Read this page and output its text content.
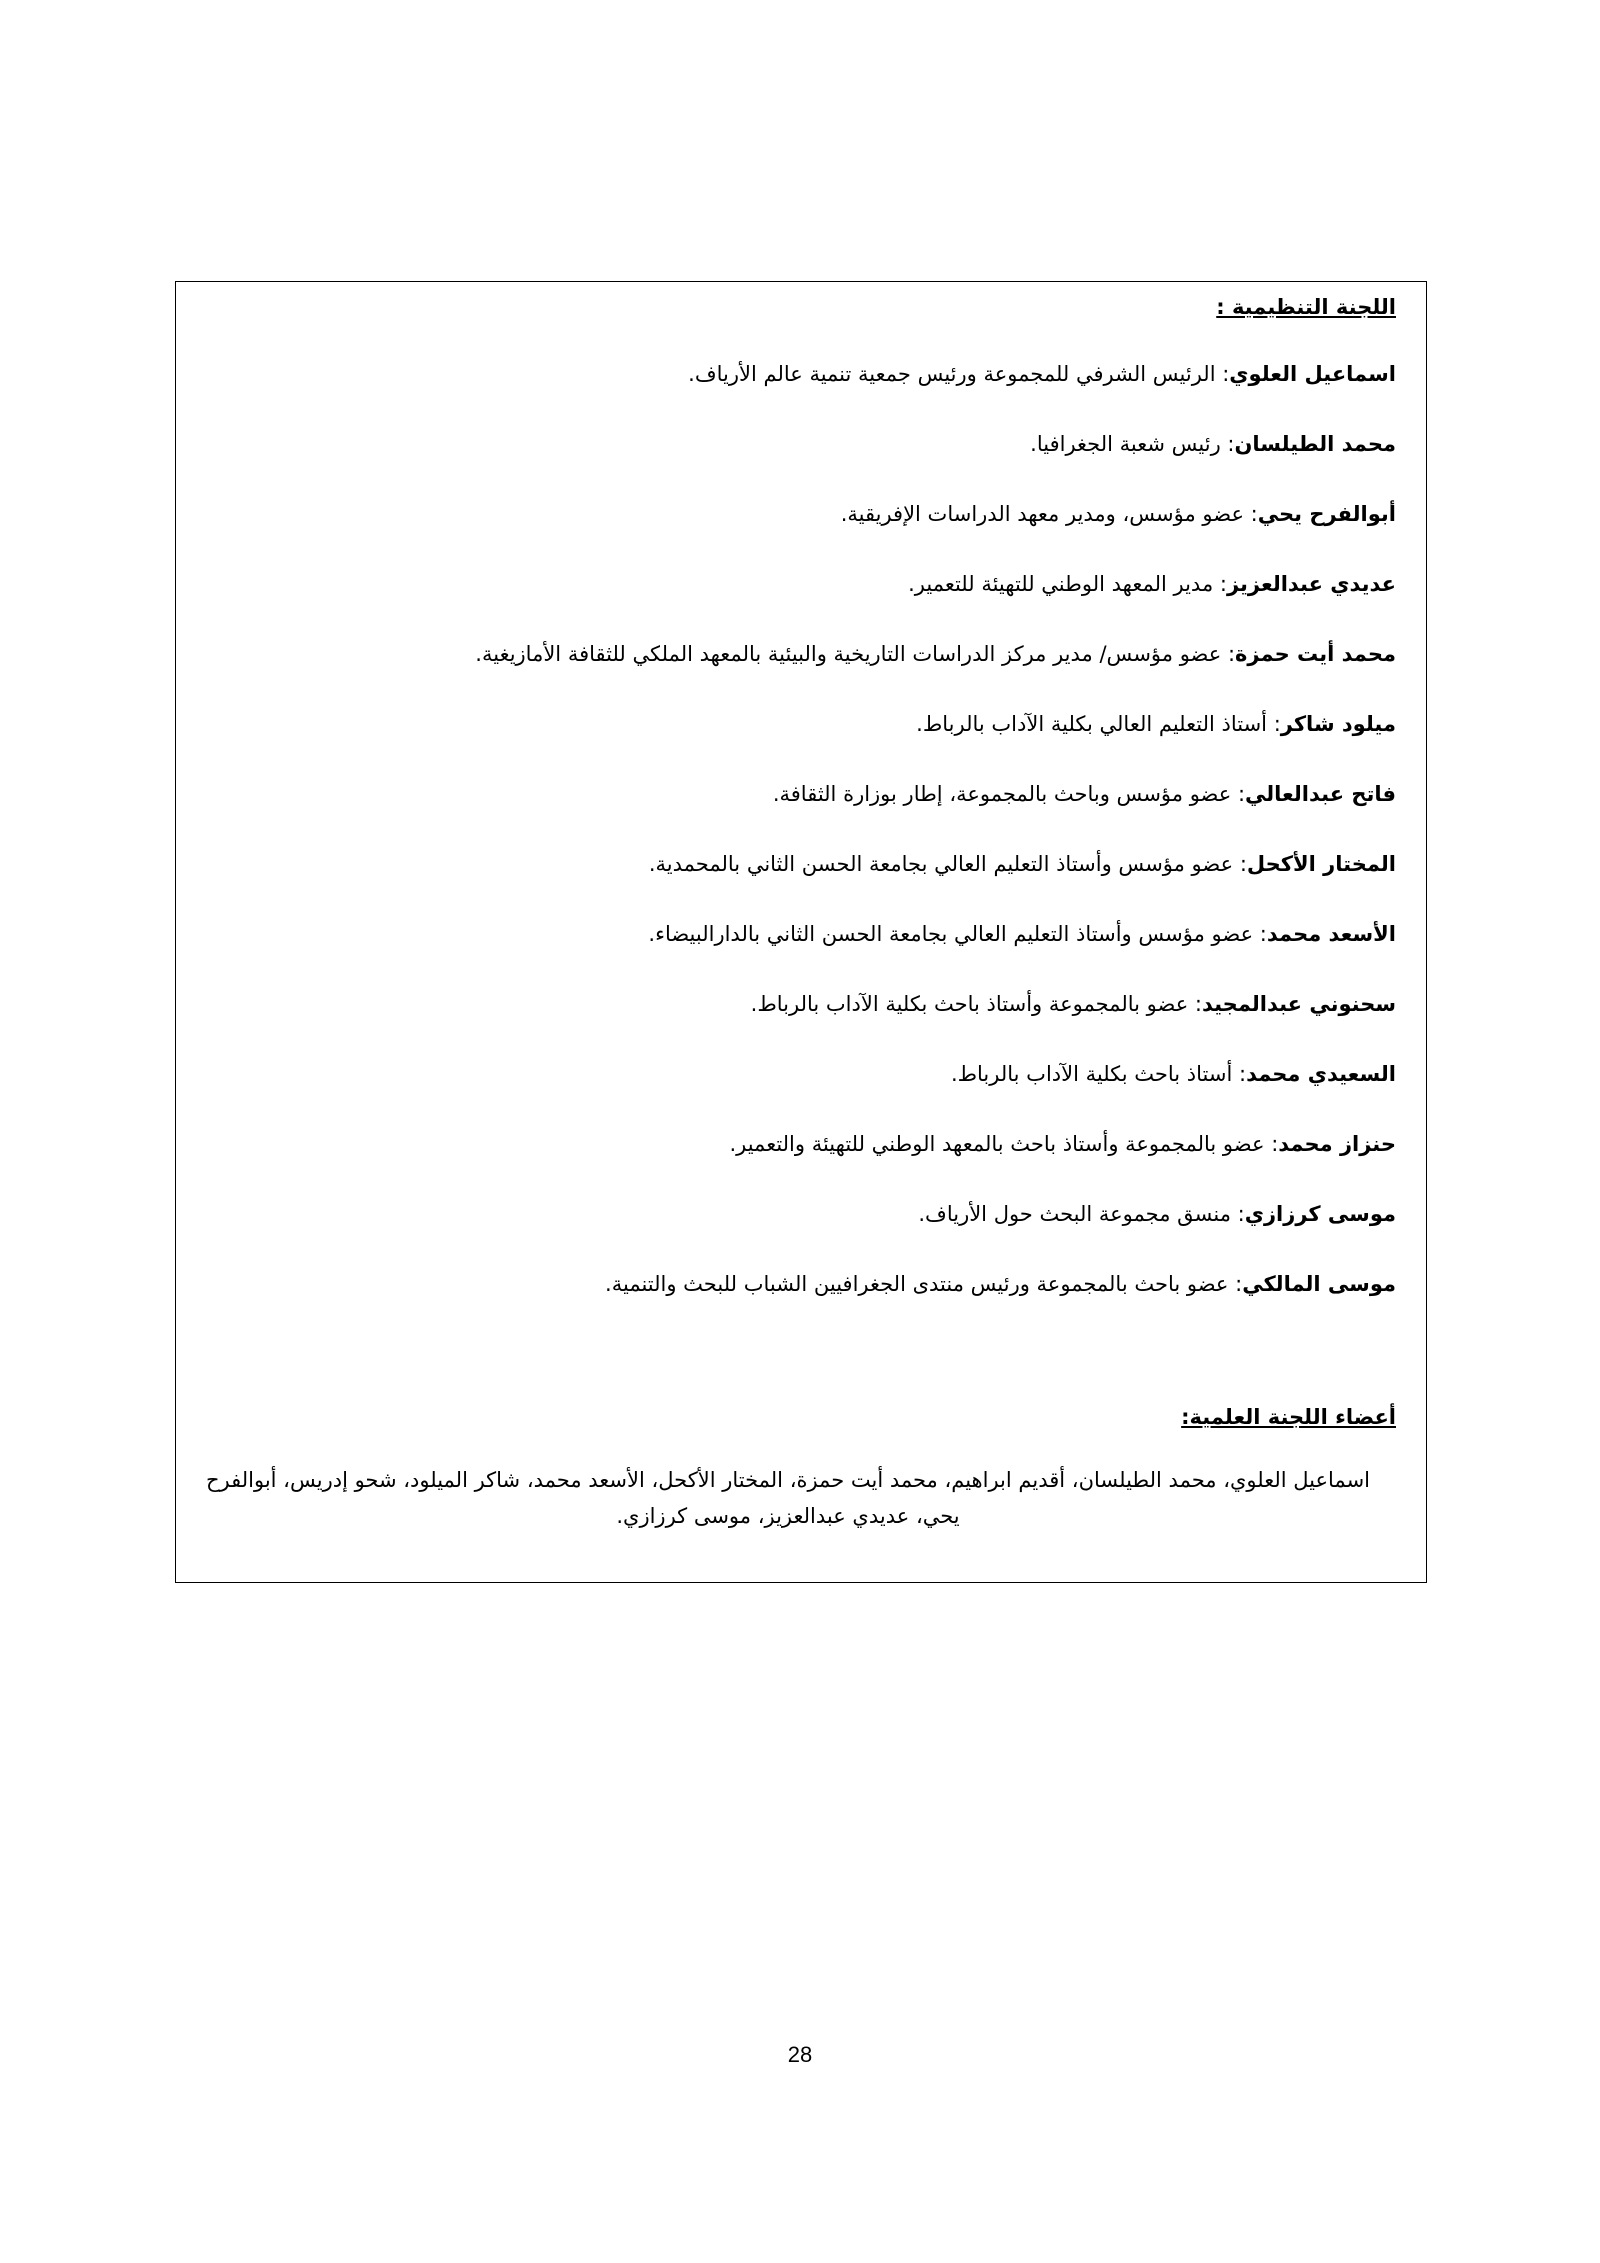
اللجنة التنظيمية :
اسماعيل العلوي: الرئيس الشرفي للمجموعة ورئيس جمعية تنمية عالم الأرياف.
محمد الطيلسان: رئيس شعبة الجغرافيا.
أبوالفرح يحي: عضو مؤسس، ومدير معهد الدراسات الإفريقية.
عديدي عبدالعزيز: مدير المعهد الوطني للتهيئة للتعمير.
محمد أيت حمزة: عضو مؤسس/ مدير مركز الدراسات التاريخية والبيئية بالمعهد الملكي للثقافة الأمازيغية.
ميلود شاكر: أستاذ التعليم العالي بكلية الآداب بالرباط.
فاتح عبدالعالي: عضو مؤسس وباحث بالمجموعة، إطار بوزارة الثقافة.
المختار الأكحل: عضو مؤسس وأستاذ التعليم العالي بجامعة الحسن الثاني بالمحمدية.
الأسعد محمد: عضو مؤسس وأستاذ التعليم العالي بجامعة الحسن الثاني بالدارالبيضاء.
سحنوني عبدالمجيد: عضو بالمجموعة وأستاذ باحث بكلية الآداب بالرباط.
السعيدي محمد: أستاذ باحث بكلية الآداب بالرباط.
حنزاز محمد: عضو بالمجموعة وأستاذ باحث بالمعهد الوطني للتهيئة والتعمير.
موسى كرزازي: منسق مجموعة البحث حول الأرياف.
موسى المالكي: عضو باحث بالمجموعة ورئيس منتدى الجغرافيين الشباب للبحث والتنمية.
أعضاء اللجنة العلمية:
اسماعيل العلوي، محمد الطيلسان، أقديم ابراهيم، محمد أيت حمزة، المختار الأكحل، الأسعد محمد، شاكر الميلود، شحو إدريس، أبوالفرح يحي، عديدي عبدالعزيز، موسى كرزازي.
28
